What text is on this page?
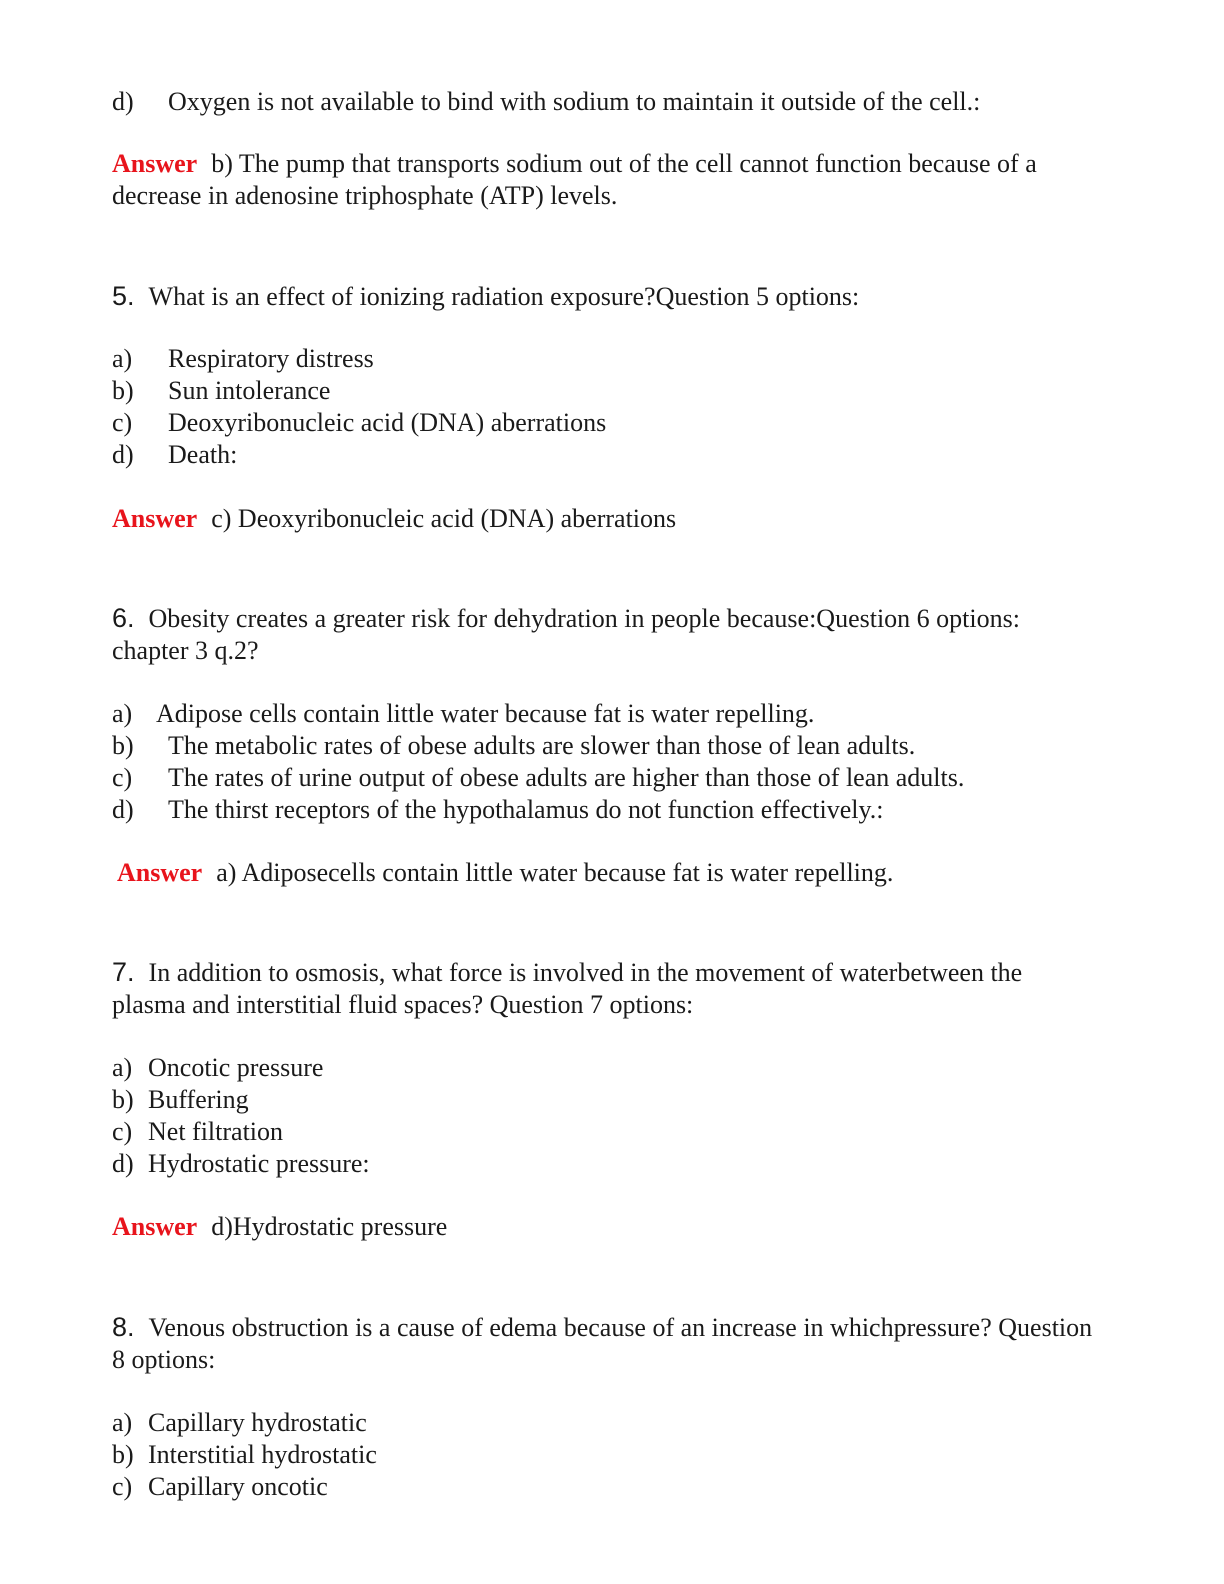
d) Oxygen is not available to bind with sodium to maintain it outside of the cell.:
Answer b) The pump that transports sodium out of the cell cannot function because of a decrease in adenosine triphosphate (ATP) levels.
5. What is an effect of ionizing radiation exposure?Question 5 options:
a) Respiratory distress
b) Sun intolerance
c) Deoxyribonucleic acid (DNA) aberrations
d) Death:
Answer c) Deoxyribonucleic acid (DNA) aberrations
6. Obesity creates a greater risk for dehydration in people because:Question 6 options: chapter 3 q.2?
a) Adipose cells contain little water because fat is water repelling.
b) The metabolic rates of obese adults are slower than those of lean adults.
c) The rates of urine output of obese adults are higher than those of lean adults.
d) The thirst receptors of the hypothalamus do not function effectively.:
Answer a) Adiposecells contain little water because fat is water repelling.
7. In addition to osmosis, what force is involved in the movement of waterbetween the plasma and interstitial fluid spaces? Question 7 options:
a) Oncotic pressure
b) Buffering
c) Net filtration
d) Hydrostatic pressure:
Answer d)Hydrostatic pressure
8. Venous obstruction is a cause of edema because of an increase in whichpressure? Question 8 options:
a) Capillary hydrostatic
b) Interstitial hydrostatic
c) Capillary oncotic
